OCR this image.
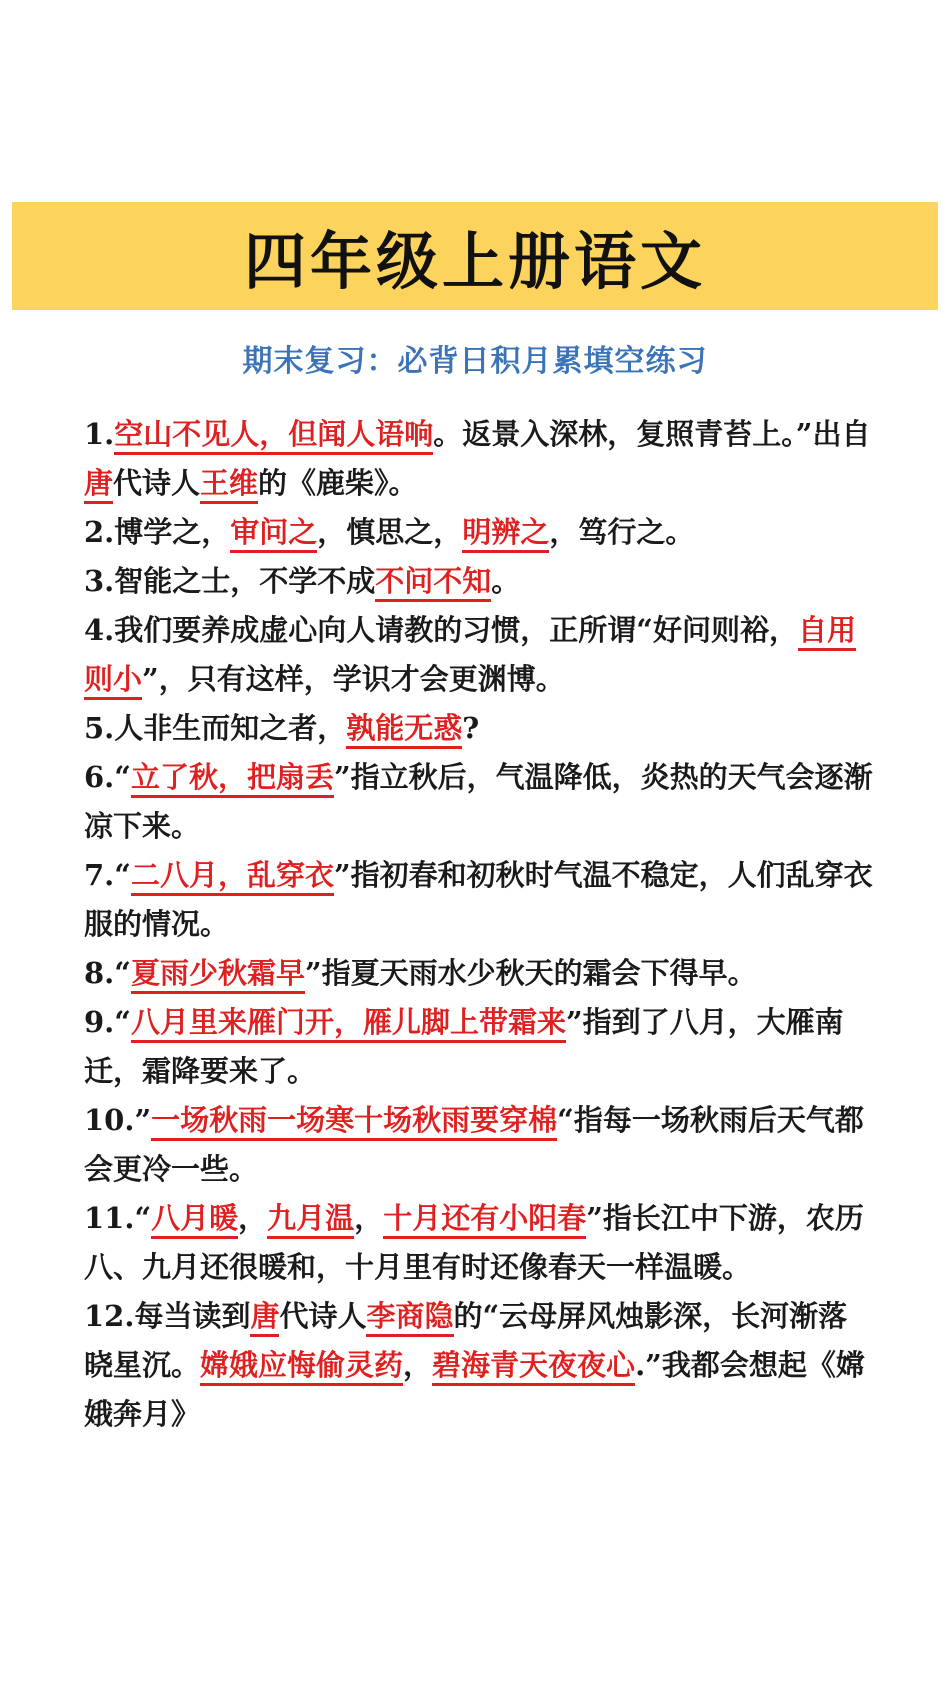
四年级上册语文
期末复习：必背日积月累填空练习
1.空山不见人，但闻人语响。返景入深林，复照青苔上。”出自唐代诗人王维的《鹿柴》。
2.博学之，审问之，慎思之，明辨之，笃行之。
3.智能之士，不学不成不问不知。
4.我们要养成虚心向人请教的习惯，正所谓“好问则裕，自用则小”，只有这样，学识才会更渊博。
5.人非生而知之者，孰能无惑?
6.“立了秋，把扇丢”指立秋后，气温降低，炎热的天气会逐渐凉下来。
7.“二八月，乱穿衣”指初春和初秋时气温不稳定，人们乱穿衣服的情况。
8.“夏雨少秋霜早”指夏天雨水少秋天的霜会下得早。
9.“八月里来雁门开，雁儿脚上带霜来”指到了八月，大雁南迁，霜降要来了。
10.”一场秋雨一场寒十场秋雨要穿棉“指每一场秋雨后天气都会更冷一些。
11.“八月暖，九月温，十月还有小阳春”指长江中下游，农历八、九月还很暖和，十月里有时还像春天一样温暖。
12.每当读到唐代诗人李商隐的“云母屏风烛影深，长河渐落晓星沉。嫦娥应悔偷灵药，碧海青天夜夜心.”我都会想起《嫦娥奔月》
